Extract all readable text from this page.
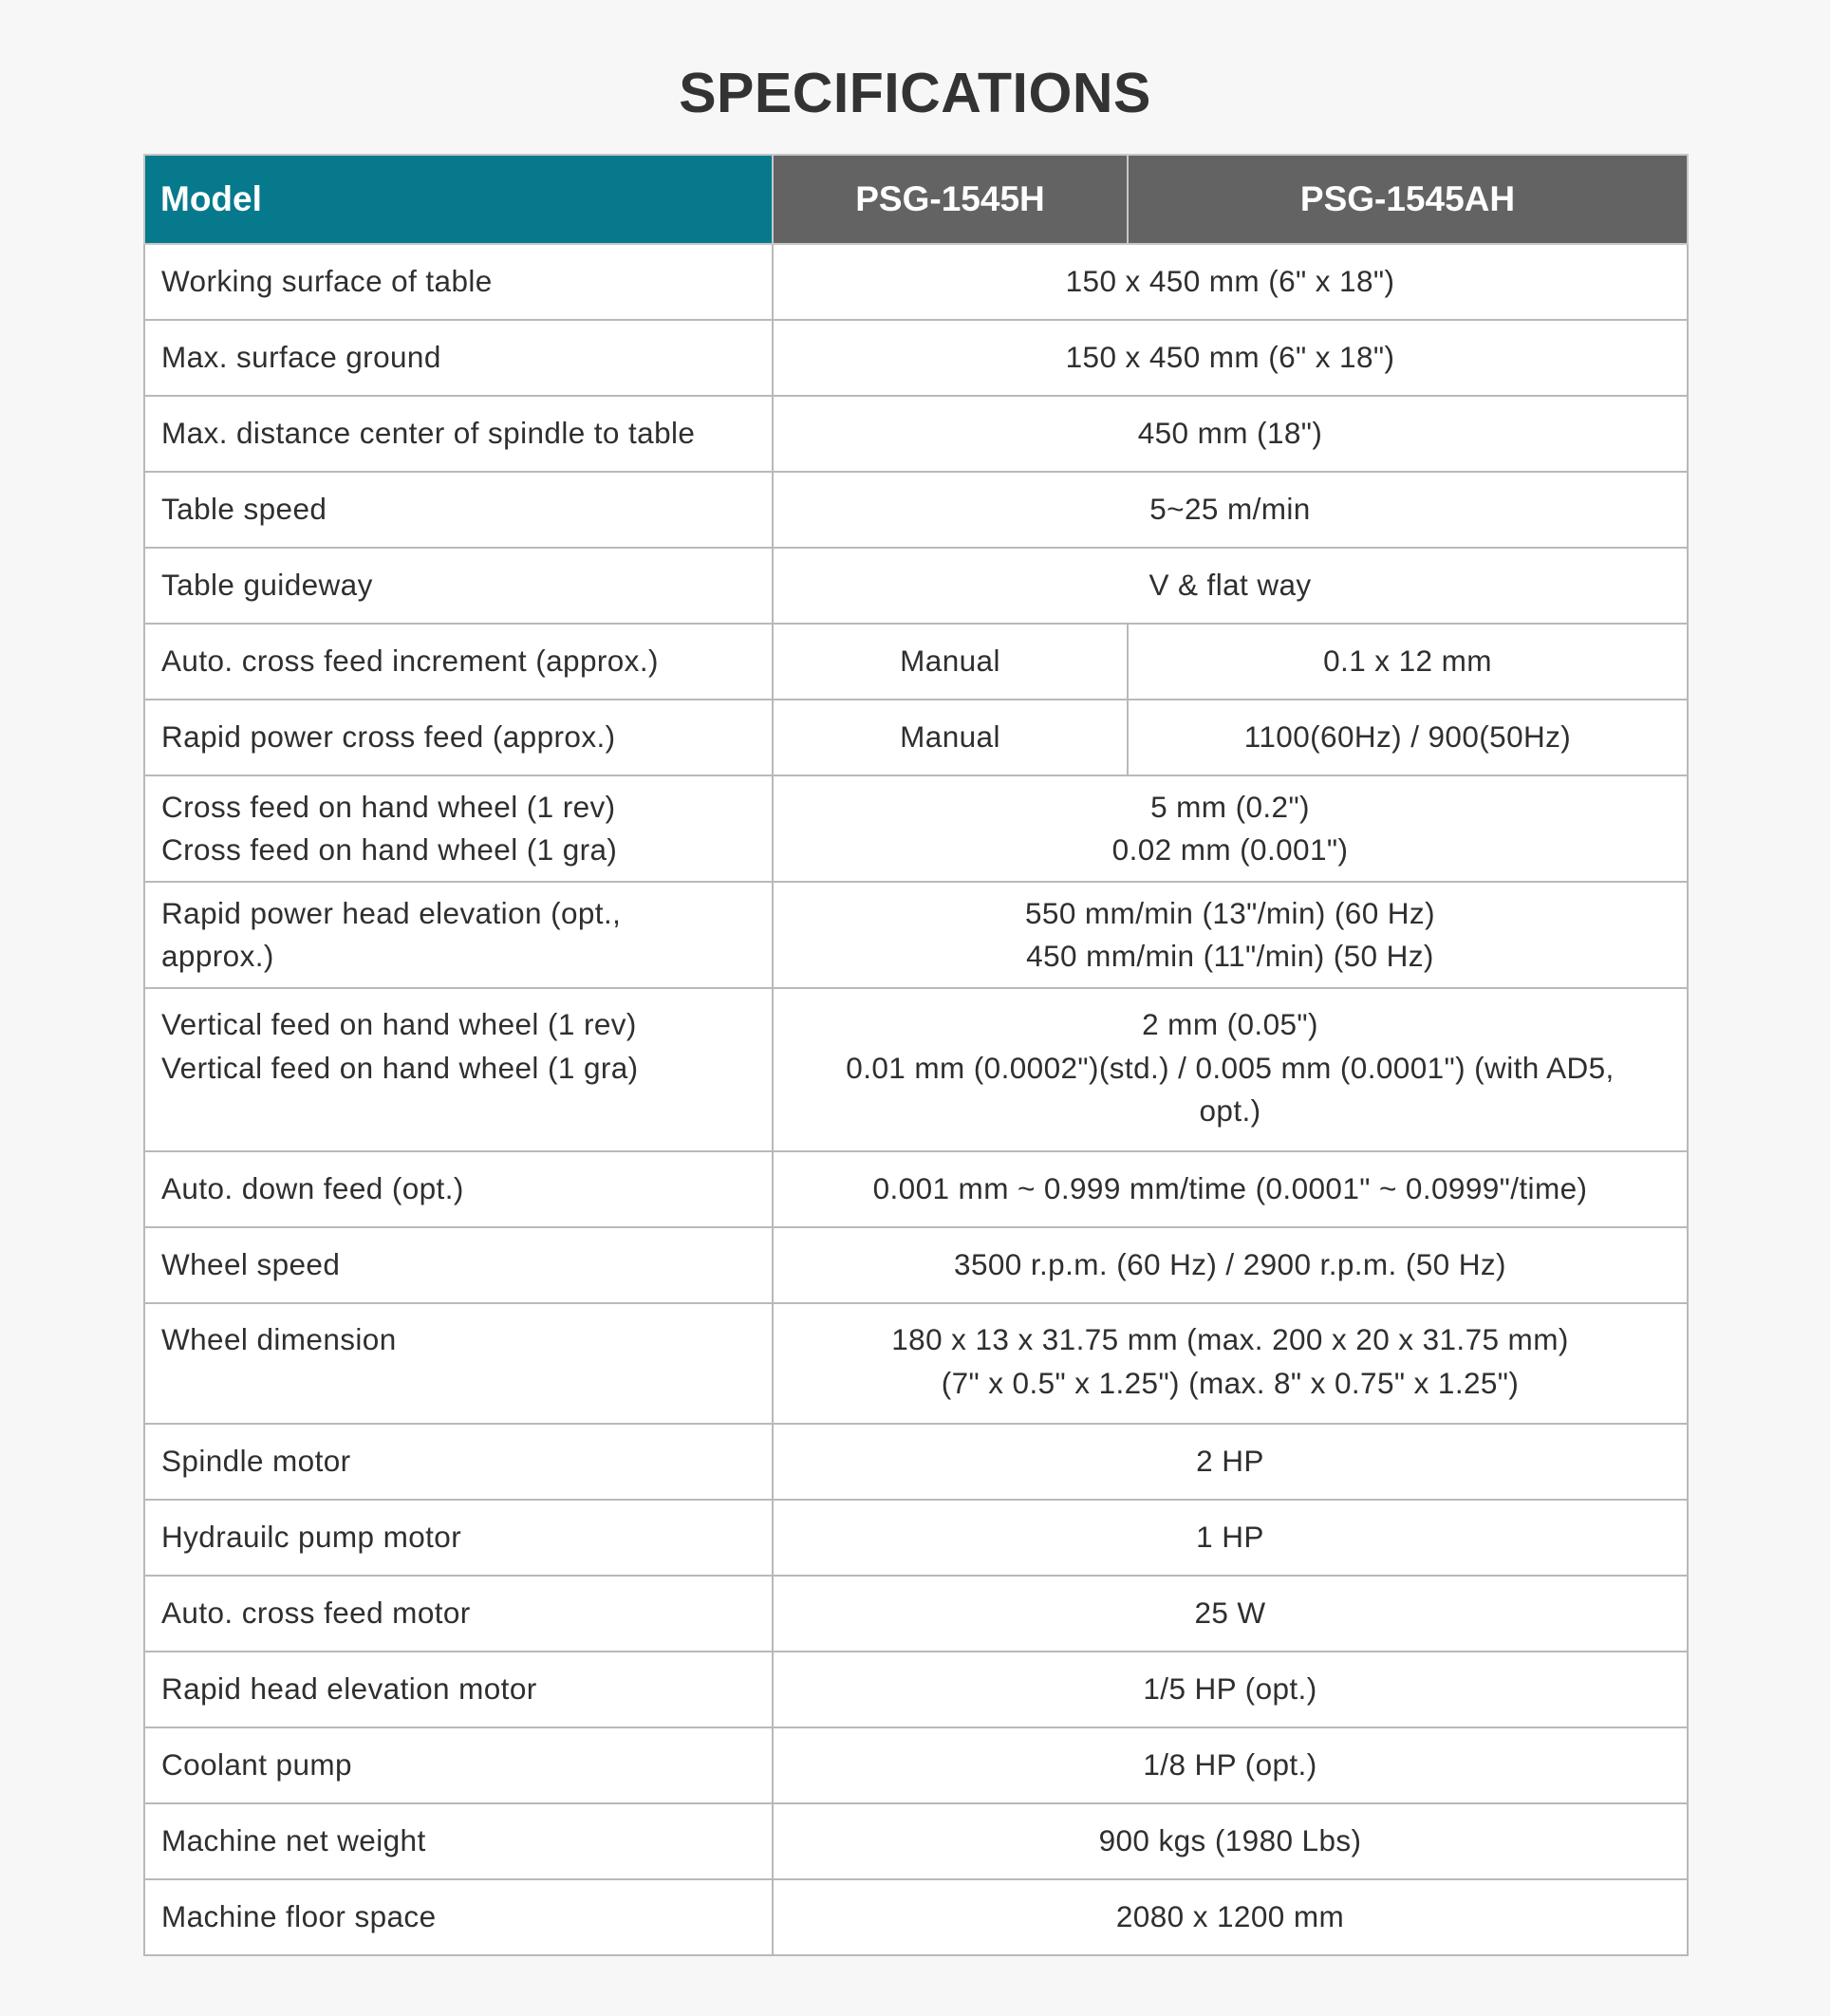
SPECIFICATIONS
Model	PSG-1545H	PSG-1545AH

Working surface of table	150 x 450 mm (6" x 18")	

Max. surface ground	150 x 450 mm (6" x 18")	

Max. distance center of spindle to table	450 mm (18")	

Table speed	5~25 m/min	

Table guideway	V & flat way	

Auto. cross feed increment (approx.)	Manual	0.1 x 12 mm

Rapid power cross feed (approx.)	Manual	1100(60Hz) / 900(50Hz)

Cross feed on hand wheel (1 rev)
Cross feed on hand wheel (1 gra)	5 mm (0.2")
0.02 mm (0.001")	

Rapid power head elevation (opt.,
approx.)	550 mm/min (13"/min) (60 Hz)
450 mm/min (11"/min) (50 Hz)	

Vertical feed on hand wheel (1 rev)
Vertical feed on hand wheel (1 gra)	2 mm (0.05")
0.01 mm (0.0002")(std.) / 0.005 mm (0.0001") (with AD5,
opt.)	

Auto. down feed (opt.)	0.001 mm ~ 0.999 mm/time (0.0001" ~ 0.0999"/time)	

Wheel speed	3500 r.p.m. (60 Hz) / 2900 r.p.m. (50 Hz)	

Wheel dimension	180 x 13 x 31.75 mm (max. 200 x 20 x 31.75 mm)
(7" x 0.5" x 1.25") (max. 8" x 0.75" x 1.25")	

Spindle motor	2 HP	

Hydrauilc pump motor	1 HP	

Auto. cross feed motor	25 W	

Rapid head elevation motor	1/5 HP (opt.)	

Coolant pump	1/8 HP (opt.)	

Machine net weight	900 kgs (1980 Lbs)	

Machine floor space	2080 x 1200 mm	
